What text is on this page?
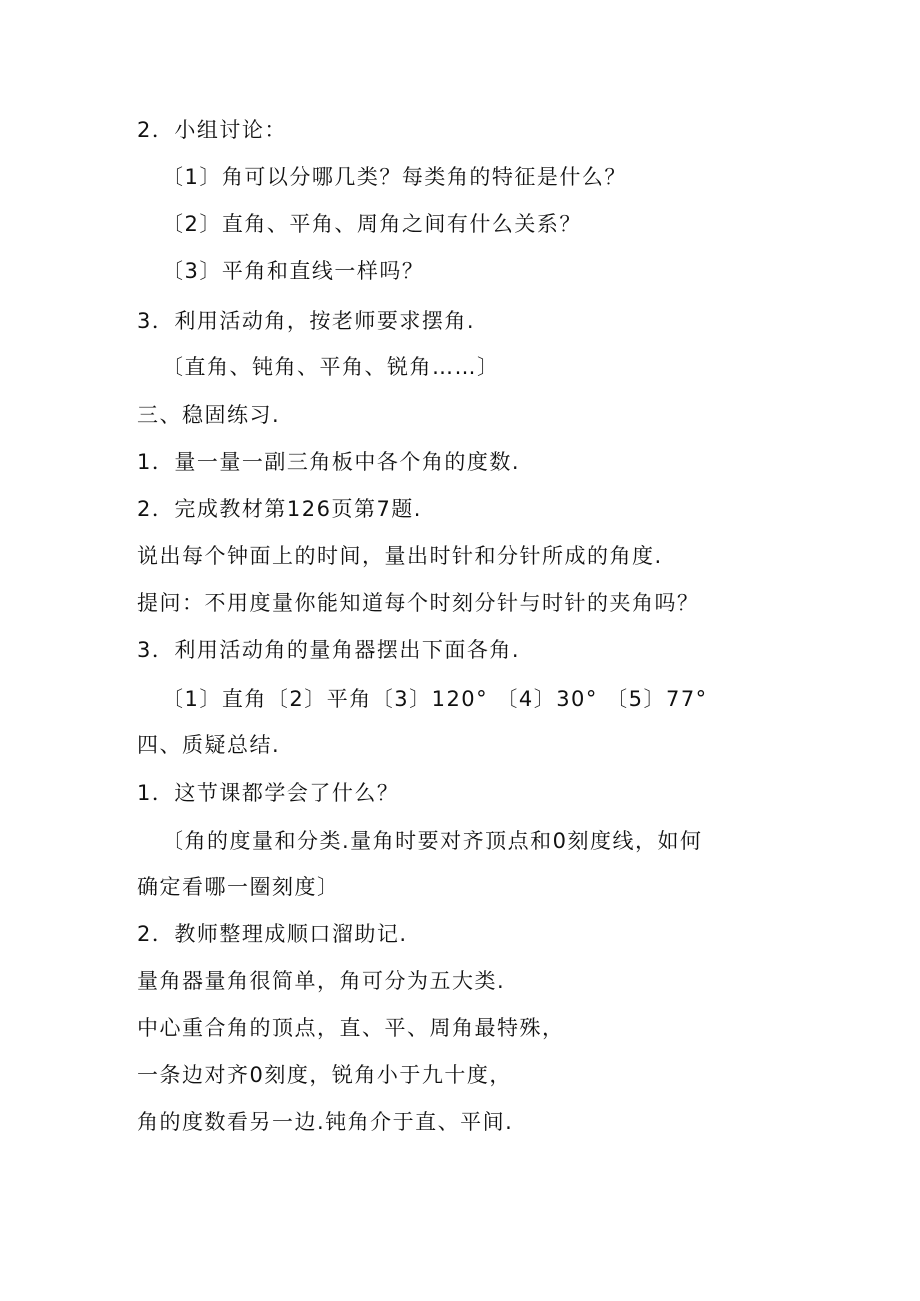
2．小组讨论：
〔1〕角可以分哪几类？每类角的特征是什么？
〔2〕直角、平角、周角之间有什么关系？
〔3〕平角和直线一样吗？
3．利用活动角，按老师要求摆角.
〔直角、钝角、平角、锐角……〕
三、稳固练习.
1．量一量一副三角板中各个角的度数.
2．完成教材第126页第7题.
说出每个钟面上的时间，量出时针和分针所成的角度.
提问：不用度量你能知道每个时刻分针与时针的夹角吗？
3．利用活动角的量角器摆出下面各角.
〔1〕直角〔2〕平角〔3〕120° 〔4〕30° 〔5〕77°
四、质疑总结.
1．这节课都学会了什么？
〔角的度量和分类.量角时要对齐顶点和0刻度线，如何
确定看哪一圈刻度〕
2．教师整理成顺口溜助记.
量角器量角很简单，角可分为五大类.
中心重合角的顶点，直、平、周角最特殊，
一条边对齐0刻度，锐角小于九十度，
角的度数看另一边.钝角介于直、平间.
